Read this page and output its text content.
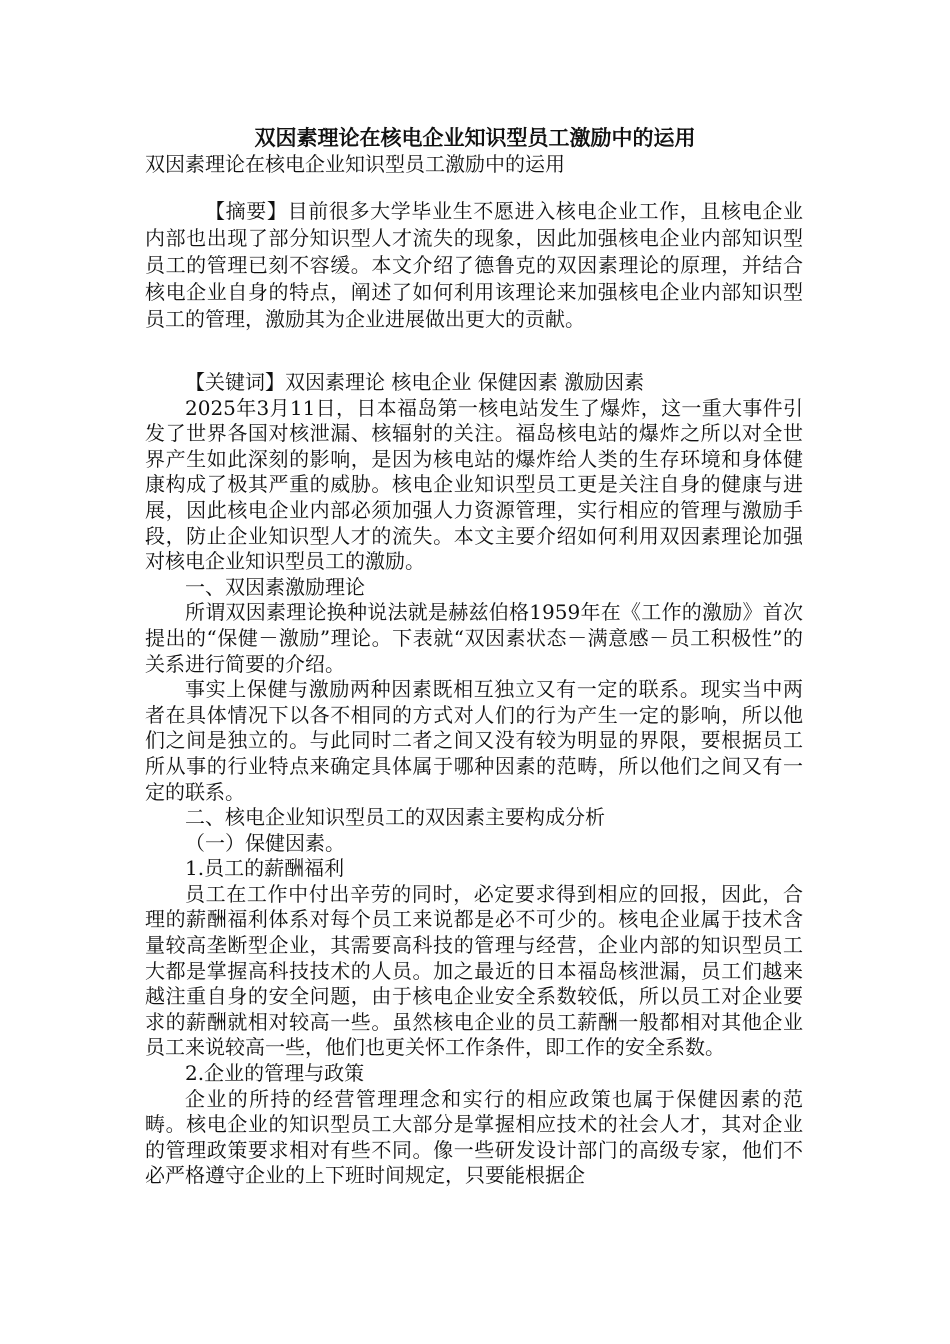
双因素理论在核电企业知识型员工激励中的运用
双因素理论在核电企业知识型员工激励中的运用

【摘要】目前很多大学毕业生不愿进入核电企业工作，且核电企业内部也出现了部分知识型人才流失的现象，因此加强核电企业内部知识型员工的管理已刻不容缓。本文介绍了德鲁克的双因素理论的原理，并结合核电企业自身的特点，阐述了如何利用该理论来加强核电企业内部知识型员工的管理，激励其为企业进展做出更大的贡献。

【关键词】双因素理论 核电企业 保健因素 激励因素

2025年3月11日，日本福岛第一核电站发生了爆炸，这一重大事件引发了世界各国对核泄漏、核辐射的关注。福岛核电站的爆炸之所以对全世界产生如此深刻的影响，是因为核电站的爆炸给人类的生存环境和身体健康构成了极其严重的威胁。核电企业知识型员工更是关注自身的健康与进展，因此核电企业内部必须加强人力资源管理，实行相应的管理与激励手段，防止企业知识型人才的流失。本文主要介绍如何利用双因素理论加强对核电企业知识型员工的激励。

一、双因素激励理论

所谓双因素理论换种说法就是赫兹伯格1959年在《工作的激励》首次提出的“保健－激励”理论。下表就“双因素状态－满意感－员工积极性”的关系进行简要的介绍。

事实上保健与激励两种因素既相互独立又有一定的联系。现实当中两者在具体情况下以各不相同的方式对人们的行为产生一定的影响，所以他们之间是独立的。与此同时二者之间又没有较为明显的界限，要根据员工所从事的行业特点来确定具体属于哪种因素的范畴，所以他们之间又有一定的联系。

二、核电企业知识型员工的双因素主要构成分析

（一）保健因素。

1.员工的薪酬福利

员工在工作中付出辛劳的同时，必定要求得到相应的回报，因此，合理的薪酬福利体系对每个员工来说都是必不可少的。核电企业属于技术含量较高垄断型企业，其需要高科技的管理与经营，企业内部的知识型员工大都是掌握高科技技术的人员。加之最近的日本福岛核泄漏，员工们越来越注重自身的安全问题，由于核电企业安全系数较低，所以员工对企业要求的薪酬就相对较高一些。虽然核电企业的员工薪酬一般都相对其他企业员工来说较高一些，他们也更关怀工作条件，即工作的安全系数。

2.企业的管理与政策

企业的所持的经营管理理念和实行的相应政策也属于保健因素的范畴。核电企业的知识型员工大部分是掌握相应技术的社会人才，其对企业的管理政策要求相对有些不同。像一些研发设计部门的高级专家，他们不必严格遵守企业的上下班时间规定，只要能根据企
